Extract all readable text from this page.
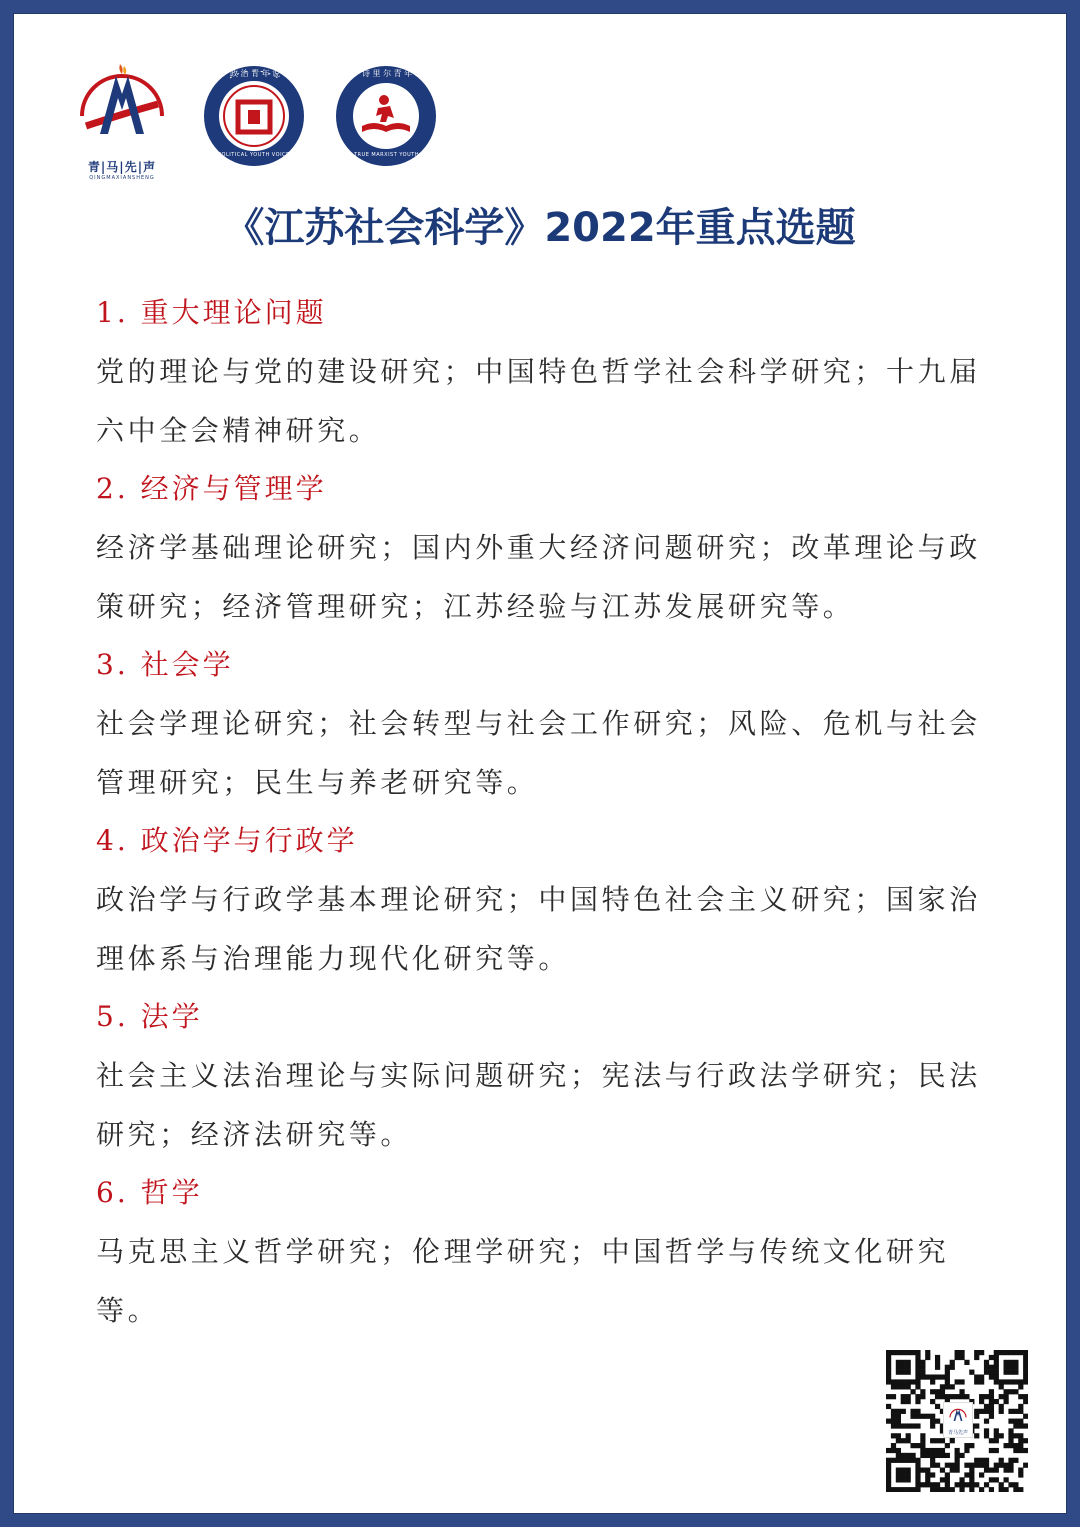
青|马|先|声
QINGMAXIANSHENG
政 治 青 年 说
POLITICAL YOUTH VOICE
诗 里 尔 青 年
TRUE MARXIST YOUTH
《江苏社会科学》2022年重点选题
1. 重大理论问题
党的理论与党的建设研究；中国特色哲学社会科学研究；十九届六中全会精神研究。
2. 经济与管理学
经济学基础理论研究；国内外重大经济问题研究；改革理论与政策研究；经济管理研究；江苏经验与江苏发展研究等。
3. 社会学
社会学理论研究；社会转型与社会工作研究；风险、危机与社会管理研究；民生与养老研究等。
4. 政治学与行政学
政治学与行政学基本理论研究；中国特色社会主义研究；国家治理体系与治理能力现代化研究等。
5. 法学
社会主义法治理论与实际问题研究；宪法与行政法学研究；民法研究；经济法研究等。
6. 哲学
马克思主义哲学研究；伦理学研究；中国哲学与传统文化研究等。
青马先声
